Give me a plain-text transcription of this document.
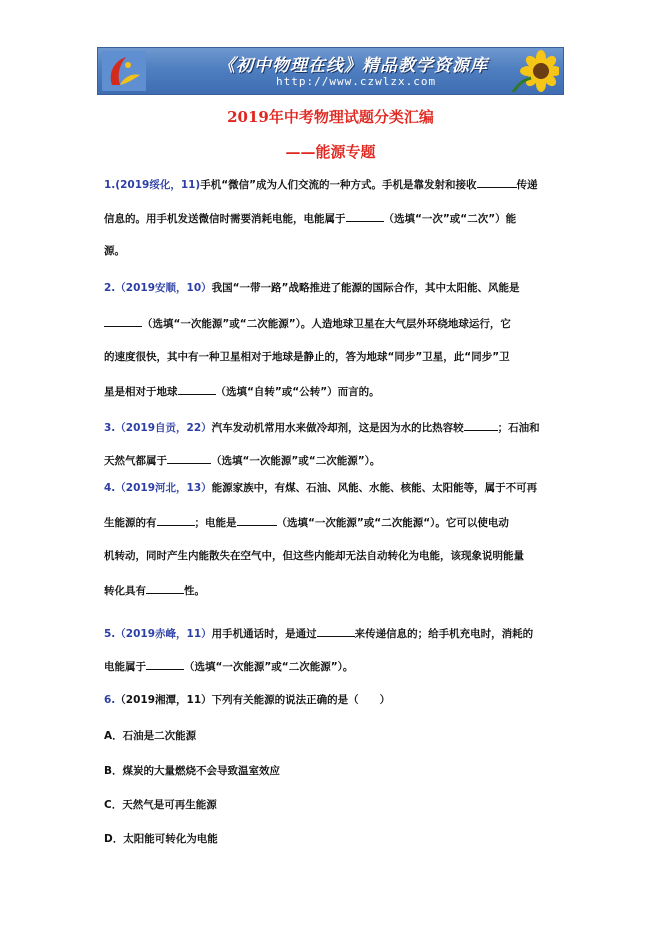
《初中物理在线》精品教学资源库
http://www.czwlzx.com
2019年中考物理试题分类汇编
——能源专题
1.(2019绥化，11)手机“微信”成为人们交流的一种方式。手机是靠发射和接收	传递
信息的。用手机发送微信时需要消耗电能，电能属于	（选填“一次”或“二次”）能
源。
2.（2019安顺，10）我国“一带一路”战略推进了能源的国际合作，其中太阳能、风能是
（选填“一次能源”或“二次能源”）。人造地球卫星在大气层外环绕地球运行，它
的速度很快，其中有一种卫星相对于地球是静止的，答为地球“同步”卫星，此“同步”卫
星是相对于地球	（选填“自转”或“公转”）而言的。
3.（2019自贡，22）汽车发动机常用水来做冷却剂，这是因为水的比热容较	；石油和
天然气都属于	（选填“一次能源”或“二次能源”）。
4.（2019河北，13）能源家族中，有煤、石油、风能、水能、核能、太阳能等，属于不可再
生能源的有	；电能是	（选填“一次能源”或“二次能源“）。它可以使电动
机转动，同时产生内能散失在空气中，但这些内能却无法自动转化为电能，该现象说明能量
转化具有	性。
5.（2019赤峰，11）用手机通话时，是通过	来传递信息的；给手机充电时，消耗的
电能属于	（选填“一次能源”或“二次能源”）。
6.（2019湘潭，11）下列有关能源的说法正确的是（　　）
A．石油是二次能源
B．煤炭的大量燃烧不会导致温室效应
C．天然气是可再生能源
D．太阳能可转化为电能
